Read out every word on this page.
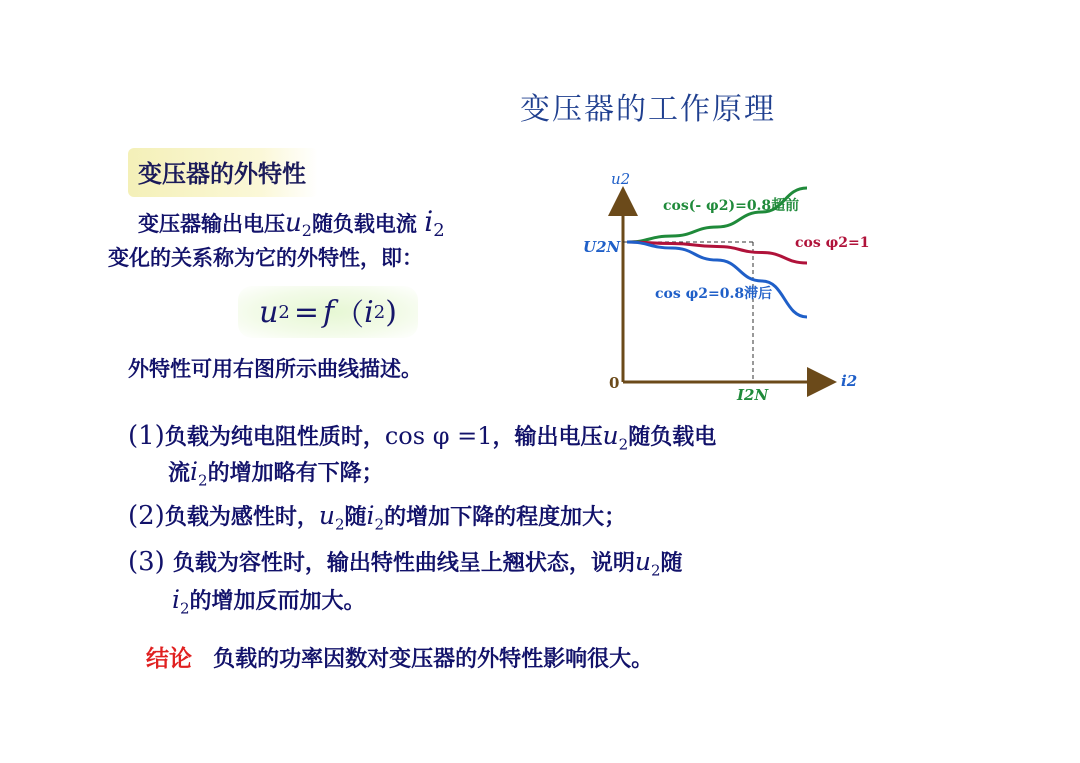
变压器的工作原理
变压器的外特性
变压器输出电压$u_2$随负载电流 $i_2$
变化的关系称为它的外特性，即：
u 2 = f （ i 2 )
外特性可用右图所示曲线描述。
u2
U2N
0	i2
I2N
cos(- φ2)=0.8超前
cos φ2=1
cos φ2=0.8滞后
(1)负载为纯电阻性质时，cos φ =1，输出电压$u_2$随负载电
流$i_2$的增加略有下降；
(2)负载为感性时，$u_2$随$i_2$的增加下降的程度加大；
(3) 负载为容性时，输出特性曲线呈上翘状态，说明$u_2$随
$i_2$的增加反而加大。
结论 负载的功率因数对变压器的外特性影响很大。
